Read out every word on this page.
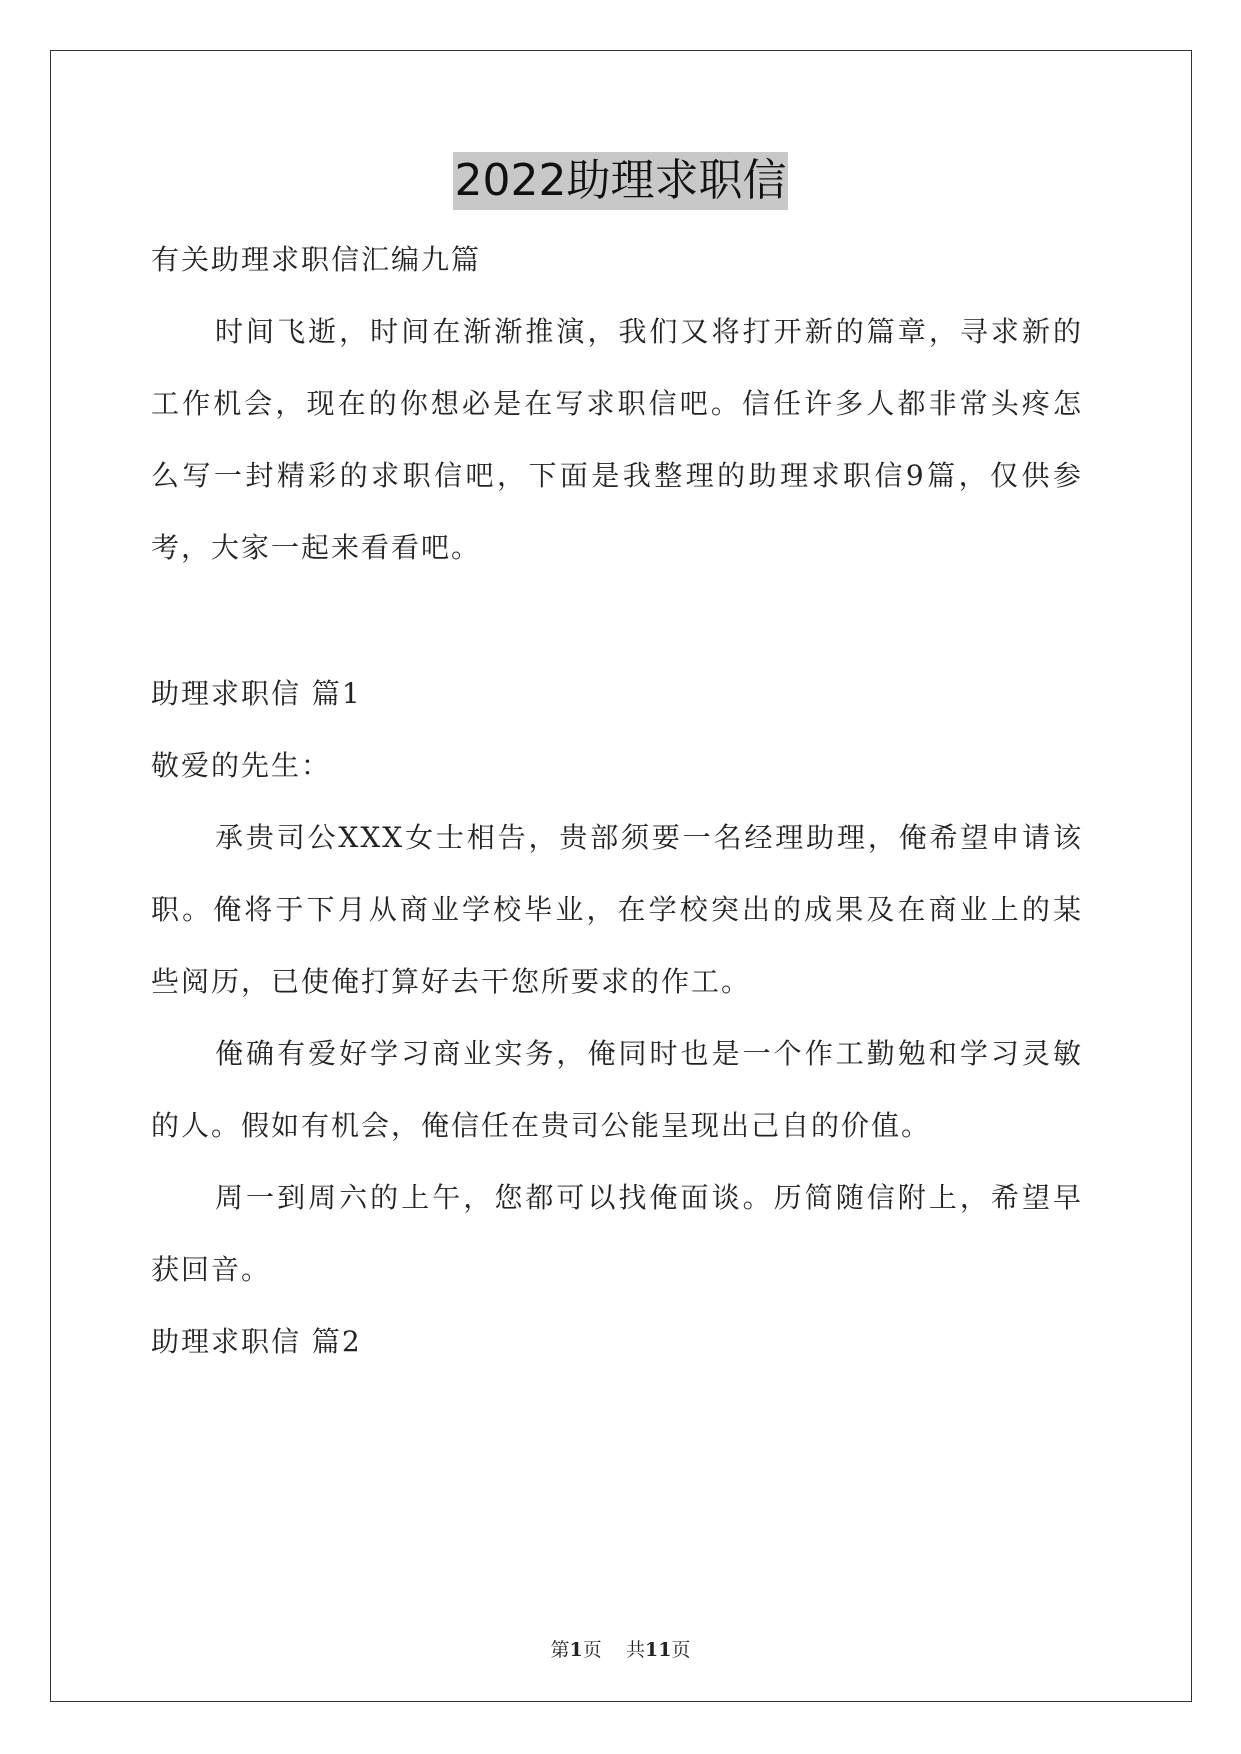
2022助理求职信

有关助理求职信汇编九篇

时间飞逝，时间在渐渐推演，我们又将打开新的篇章，寻求新的

工作机会，现在的你想必是在写求职信吧。信任许多人都非常头疼怎

么写一封精彩的求职信吧，下面是我整理的助理求职信9篇，仅供参

考，大家一起来看看吧。

助理求职信 篇1

敬爱的先生：

承贵司公XXX女士相告，贵部须要一名经理助理，俺希望申请该

职。俺将于下月从商业学校毕业，在学校突出的成果及在商业上的某

些阅历，已使俺打算好去干您所要求的作工。

俺确有爱好学习商业实务，俺同时也是一个作工勤勉和学习灵敏

的人。假如有机会，俺信任在贵司公能呈现出己自的价值。

周一到周六的上午，您都可以找俺面谈。历简随信附上，希望早

获回音。

助理求职信 篇2

第1页 共11页
